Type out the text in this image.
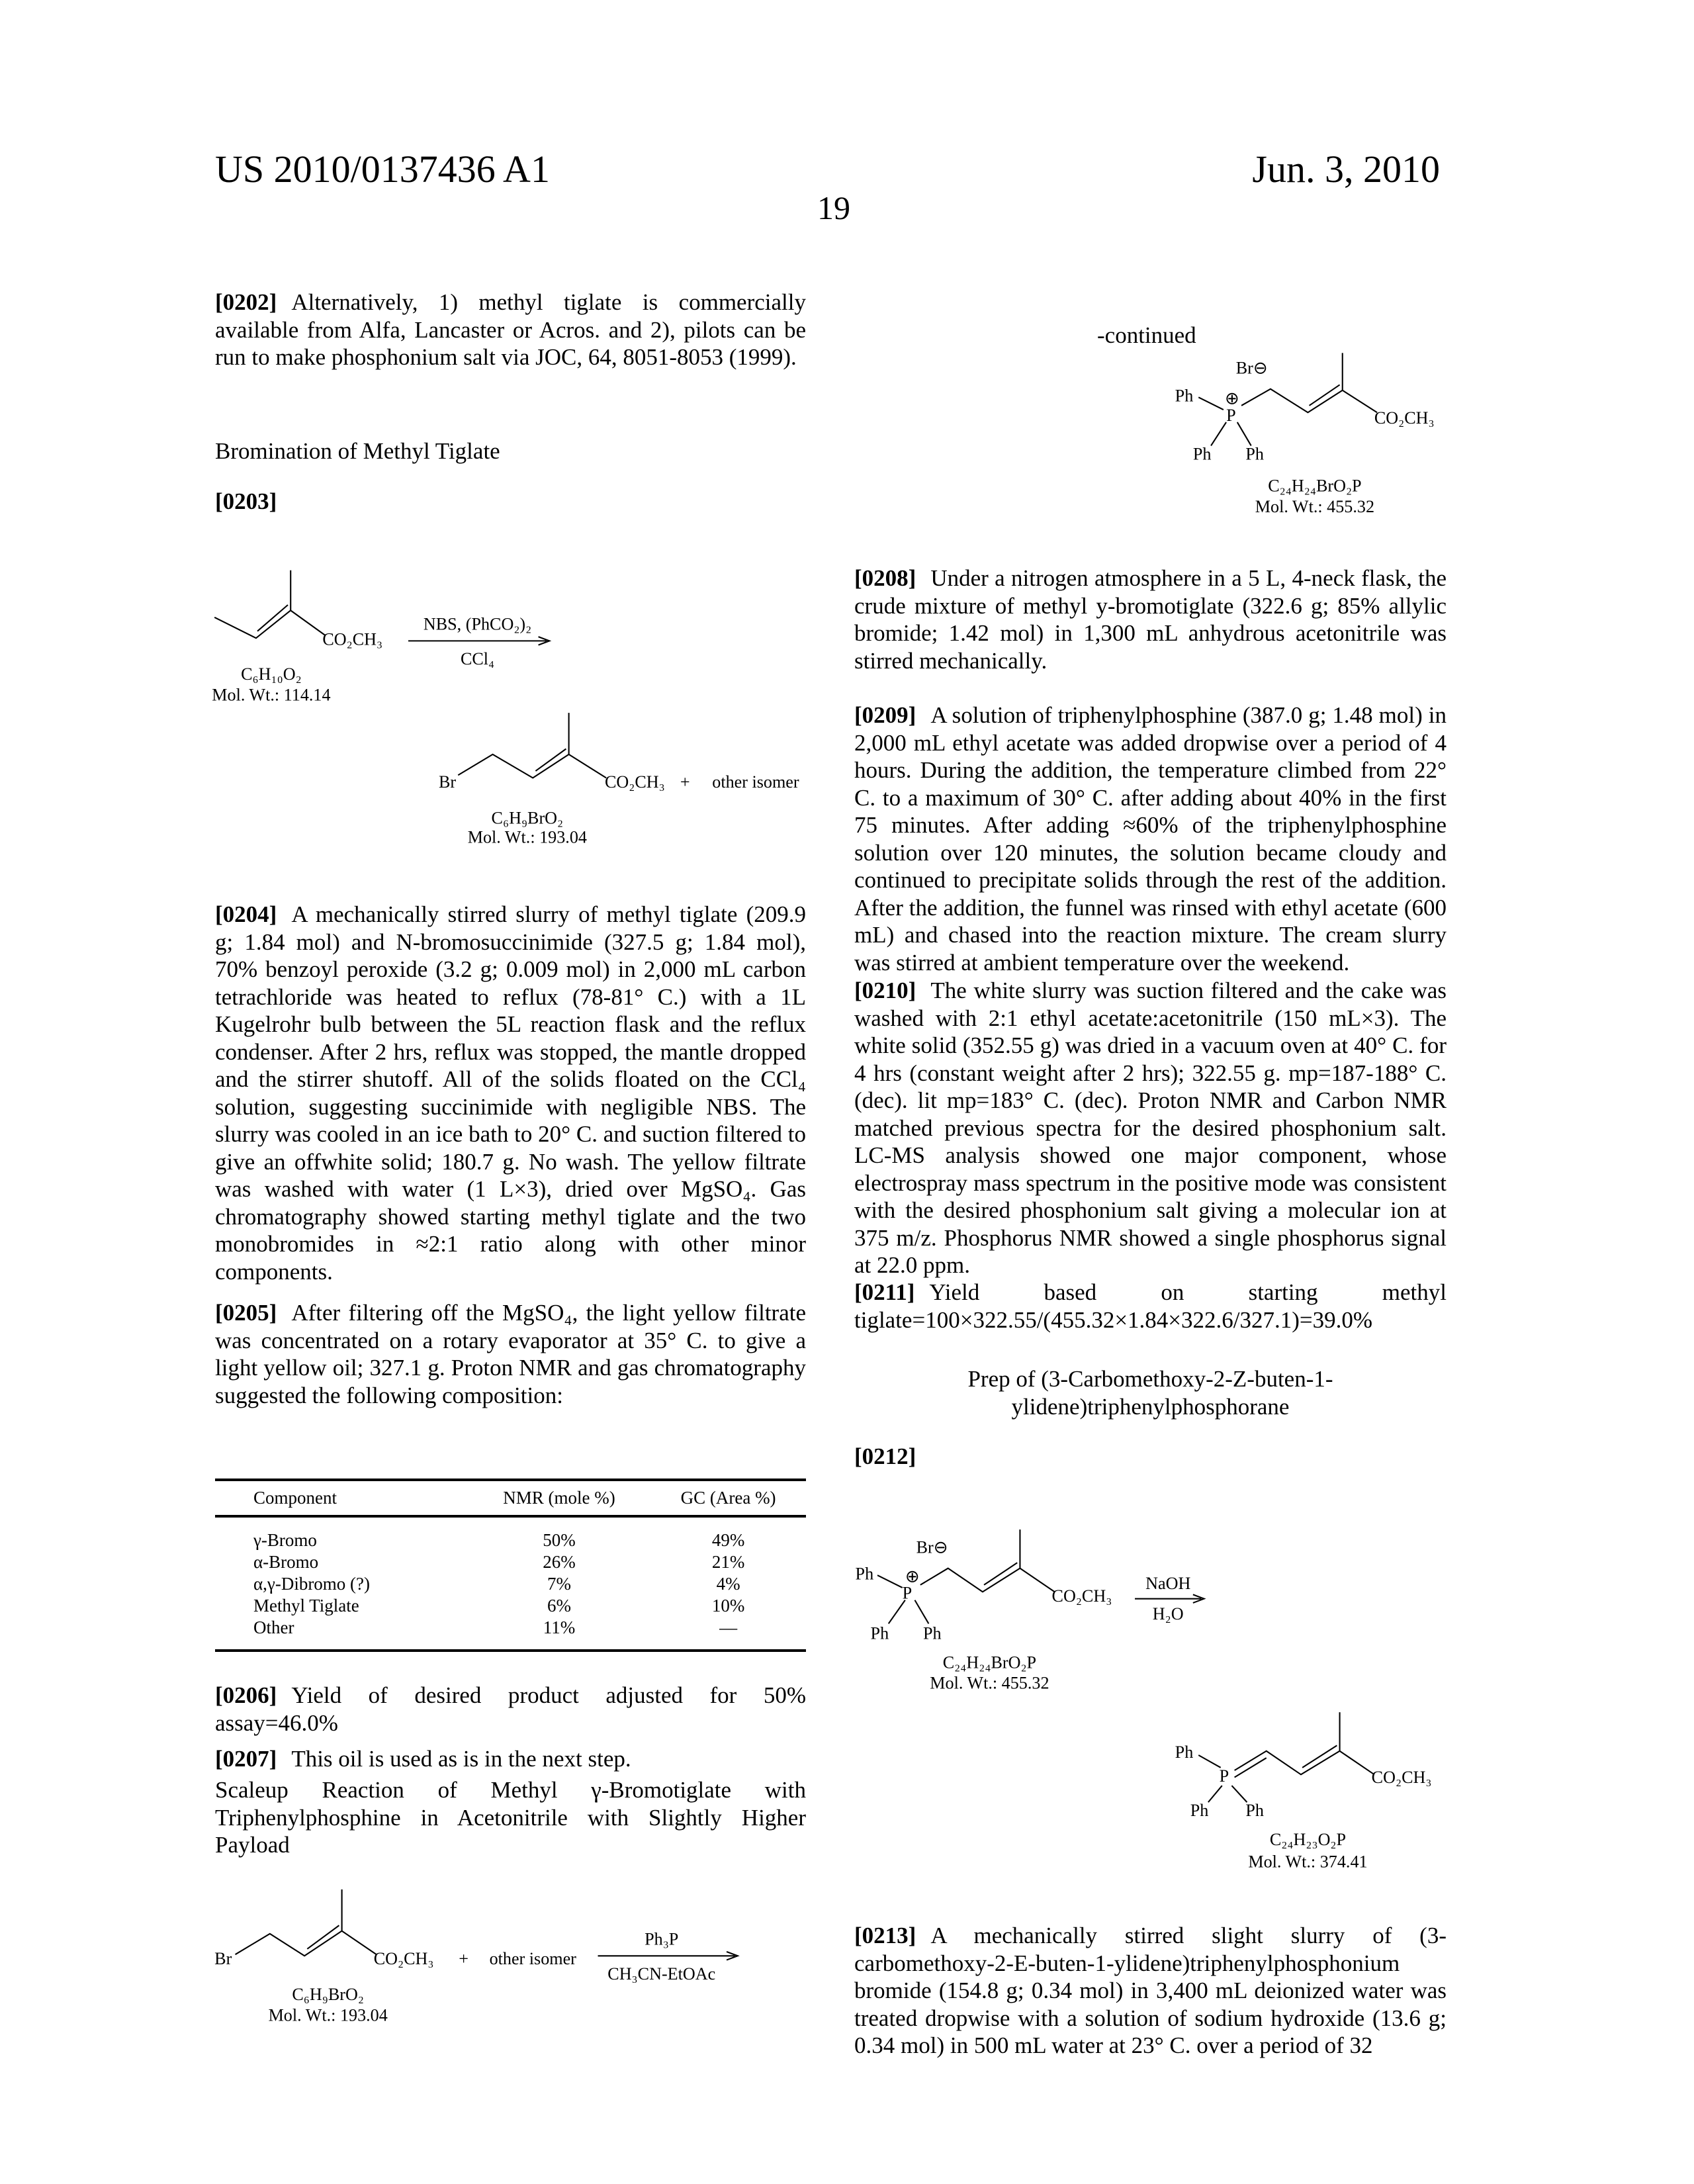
US 2010/0137436 A1	Jun. 3, 2010
19
[0202] Alternatively, 1) methyl tiglate is commercially available from Alfa, Lancaster or Acros. and 2), pilots can be run to make phosphonium salt via JOC, 64, 8051-8053 (1999).
Bromination of Methyl Tiglate
[0203]
[0204] A mechanically stirred slurry of methyl tiglate (209.9 g; 1.84 mol) and N-bromosuccinimide (327.5 g; 1.84 mol), 70% benzoyl peroxide (3.2 g; 0.009 mol) in 2,000 mL carbon tetrachloride was heated to reflux (78-81° C.) with a 1L Kugelrohr bulb between the 5L reaction flask and the reflux condenser. After 2 hrs, reflux was stopped, the mantle dropped and the stirrer shutoff. All of the solids floated on the CCl₄ solution, suggesting succinimide with negligible NBS. The slurry was cooled in an ice bath to 20° C. and suction filtered to give an offwhite solid; 180.7 g. No wash. The yellow filtrate was washed with water (1 L×3), dried over MgSO₄. Gas chromatography showed starting methyl tiglate and the two monobromides in ≈2:1 ratio along with other minor components.
[0205] After filtering off the MgSO₄, the light yellow filtrate was concentrated on a rotary evaporator at 35° C. to give a light yellow oil; 327.1 g. Proton NMR and gas chromatography suggested the following composition:
Component	NMR (mole %)	GC (Area %)
γ-Bromo	50%	49%
α-Bromo	26%	21%
α,γ-Dibromo (?)	7%	4%
Methyl Tiglate	6%	10%
Other	11%	—
[0206] Yield of desired product adjusted for 50% assay=46.0%
[0207] This oil is used as is in the next step.
Scaleup Reaction of Methyl γ-Bromotiglate with Triphenylphosphine in Acetonitrile with Slightly Higher Payload
-continued
[0208] Under a nitrogen atmosphere in a 5 L, 4-neck flask, the crude mixture of methyl y-bromotiglate (322.6 g; 85% allylic bromide; 1.42 mol) in 1,300 mL anhydrous acetonitrile was stirred mechanically.
[0209] A solution of triphenylphosphine (387.0 g; 1.48 mol) in 2,000 mL ethyl acetate was added dropwise over a period of 4 hours. During the addition, the temperature climbed from 22° C. to a maximum of 30° C. after adding about 40% in the first 75 minutes. After adding ≈60% of the triphenylphosphine solution over 120 minutes, the solution became cloudy and continued to precipitate solids through the rest of the addition. After the addition, the funnel was rinsed with ethyl acetate (600 mL) and chased into the reaction mixture. The cream slurry was stirred at ambient temperature over the weekend.
[0210] The white slurry was suction filtered and the cake was washed with 2:1 ethyl acetate:acetonitrile (150 mL×3). The white solid (352.55 g) was dried in a vacuum oven at 40° C. for 4 hrs (constant weight after 2 hrs); 322.55 g. mp=187-188° C. (dec). lit mp=183° C. (dec). Proton NMR and Carbon NMR matched previous spectra for the desired phosphonium salt. LC-MS analysis showed one major component, whose electrospray mass spectrum in the positive mode was consistent with the desired phosphonium salt giving a molecular ion at 375 m/z. Phosphorus NMR showed a single phosphorus signal at 22.0 ppm.
[0211] Yield based on starting methyl tiglate=100×322.55/(455.32×1.84×322.6/327.1)=39.0%
Prep of (3-Carbomethoxy-2-Z-buten-1-ylidene)triphenylphosphorane
[0212]
[0213] A mechanically stirred slight slurry of (3-carbomethoxy-2-E-buten-1-ylidene)triphenylphosphonium bromide (154.8 g; 0.34 mol) in 3,400 mL deionized water was treated dropwise with a solution of sodium hydroxide (13.6 g; 0.34 mol) in 500 mL water at 23° C. over a period of 32
CO₂CH₃
C₆H₁₀O₂
Mol. Wt.: 114.14
NBS, (PhCO₂)₂
CCl₄
Br	CO₂CH₃ +	other isomer
C₆H₉BrO₂
Mol. Wt.: 193.04
Br⊖
Ph	⊕
P
Ph	Ph
CO₂CH₃
C₂₄H₂₄BrO₂P
Mol. Wt.: 455.32
Br	CO₂CH₃	+	other isomer
Ph₃P
CH₃CN-EtOAc
C₆H₉BrO₂
Mol. Wt.: 193.04
Br⊖
Ph	⊕
P
Ph	Ph
CO₂CH₃
NaOH
H₂O
C₂₄H₂₄BrO₂P
Mol. Wt.: 455.32
Ph
P
Ph	Ph
CO₂CH₃
C₂₄H₂₃O₂P
Mol. Wt.: 374.41
